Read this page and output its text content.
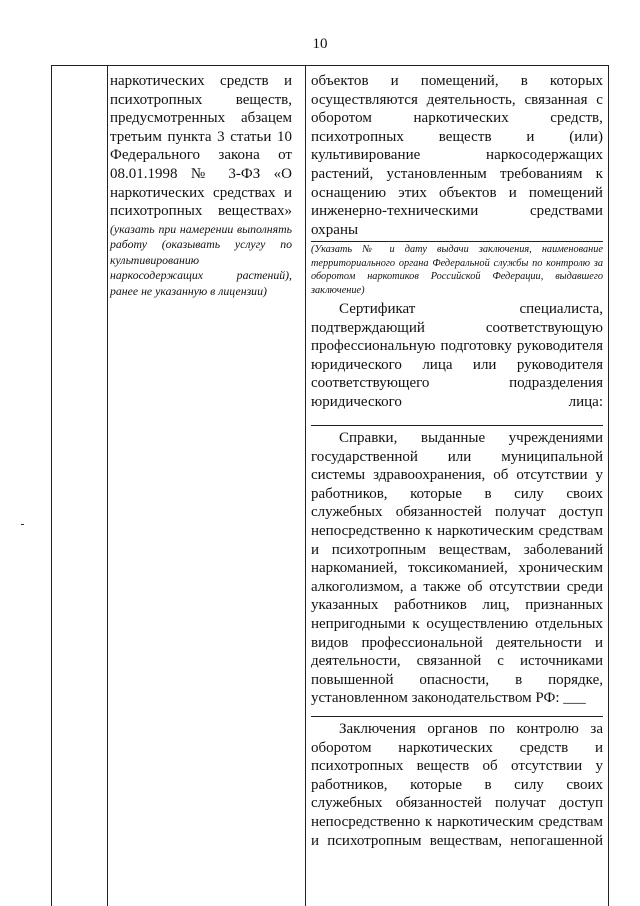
10

наркотических средств и психотропных веществ, предусмотренных абзацем третьим пункта 3 статьи 10 Федерального закона от 08.01.1998 № 3-ФЗ «О наркотических средствах и психотропных веществах»

(указать при намерении выполнять работу (оказывать услугу по культивированию наркосодержащих растений), ранее не указанную в лицензии)

объектов и помещений, в которых осуществляются деятельность, связанная с оборотом наркотических средств, психотропных веществ и (или) культивирование наркосодержащих растений, установленным требованиям к оснащению этих объектов и помещений инженерно-техническими средствами охраны

(Указать № и дату выдачи заключения, наименование территориального органа Федеральной службы по контролю за оборотом наркотиков Российской Федерации, выдавшего заключение)
Сертификат специалиста, подтверждающий соответствующую профессиональную подготовку руководителя юридического лица или руководителя соответствующего подразделения юридического лица:
Справки, выданные учреждениями государственной или муниципальной системы здравоохранения, об отсутствии у работников, которые в силу своих служебных обязанностей получат доступ непосредственно к наркотическим средствам и психотропным веществам, заболеваний наркоманией, токсикоманией, хроническим алкоголизмом, а также об отсутствии среди указанных работников лиц, признанных непригодными к осуществлению отдельных видов профессиональной деятельности и деятельности, связанной с источниками повышенной опасности, в порядке, установленном законодательством РФ: ___
Заключения органов по контролю за оборотом наркотических средств и психотропных веществ об отсутствии у работников, которые в силу своих служебных обязанностей получат доступ непосредственно к наркотическим средствам и психотропным веществам, непогашенной
